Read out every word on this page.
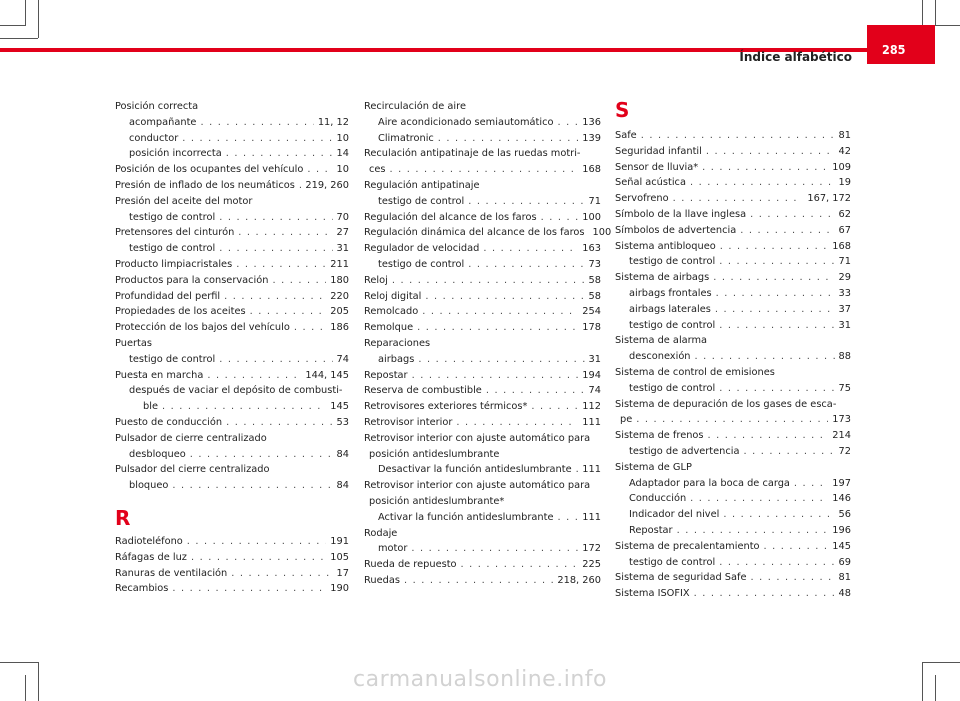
285
Índice alfabético
Posición correcta
acompañante . . .	11, 12
conductor . . .	10
posición incorrecta . . .	14
Posición de los ocupantes del vehículo . . .	10
Presión de inflado de los neumáticos . . . 219, 260
Presión del aceite del motor
testigo de control . . .	70
Pretensores del cinturón . . .	27
testigo de control . . .	31
Producto limpiacristales . . .	211
Productos para la conservación . . .	180
Profundidad del perfil . . .	220
Propiedades de los aceites . . .	205
Protección de los bajos del vehículo . . .	186
Puertas
testigo de control . . .	74
Puesta en marcha . . .	144, 145
después de vaciar el depósito de combusti-
ble . . .	145
Puesto de conducción . . .	53
Pulsador de cierre centralizado
desbloqueo . . .	84
Pulsador del cierre centralizado
bloqueo . . .	84
R
Radioteléfono . . .	191
Ráfagas de luz . . .	105
Ranuras de ventilación . . .	17
Recambios . . .	190
Recirculación de aire
Aire acondicionado semiautomático . . .	136
Climatronic . . .	139
Reculación antipatinaje de las ruedas motri-
ces . . .	168
Regulación antipatinaje
testigo de control . . .	71
Regulación del alcance de los faros . . .	100
Regulación dinámica del alcance de los faros 100
Regulador de velocidad . . .	163
testigo de control . . .	73
Reloj . . .	58
Reloj digital . . .	58
Remolcado . . .	254
Remolque . . .	178
Reparaciones
airbags . . .	31
Repostar . . .	194
Reserva de combustible . . .	74
Retrovisores exteriores térmicos* . . .	112
Retrovisor interior . . .	111
Retrovisor interior con ajuste automático para
posición antideslumbrante
Desactivar la función antideslumbrante . . . 111
Retrovisor interior con ajuste automático para
posición antideslumbrante*
Activar la función antideslumbrante . . .	111
Rodaje
motor . . .	172
Rueda de repuesto . . .	225
Ruedas . . .	218, 260
S
Safe . . .	81
Seguridad infantil . . .	42
Sensor de lluvia* . . .	109
Señal acústica . . .	19
Servofreno . . .	167, 172
Símbolo de la llave inglesa . . .	62
Símbolos de advertencia . . .	67
Sistema antibloqueo . . .	168
testigo de control . . .	71
Sistema de airbags . . .	29
airbags frontales . . .	33
airbags laterales . . .	37
testigo de control . . .	31
Sistema de alarma
desconexión . . .	88
Sistema de control de emisiones
testigo de control . . .	75
Sistema de depuración de los gases de esca-
pe . . .	173
Sistema de frenos . . .	214
testigo de advertencia . . .	72
Sistema de GLP
Adaptador para la boca de carga . . .	197
Conducción . . .	146
Indicador del nivel . . .	56
Repostar . . .	196
Sistema de precalentamiento . . .	145
testigo de control . . .	69
Sistema de seguridad Safe . . .	81
Sistema ISOFIX . . .	48
carmanualsonline.info
